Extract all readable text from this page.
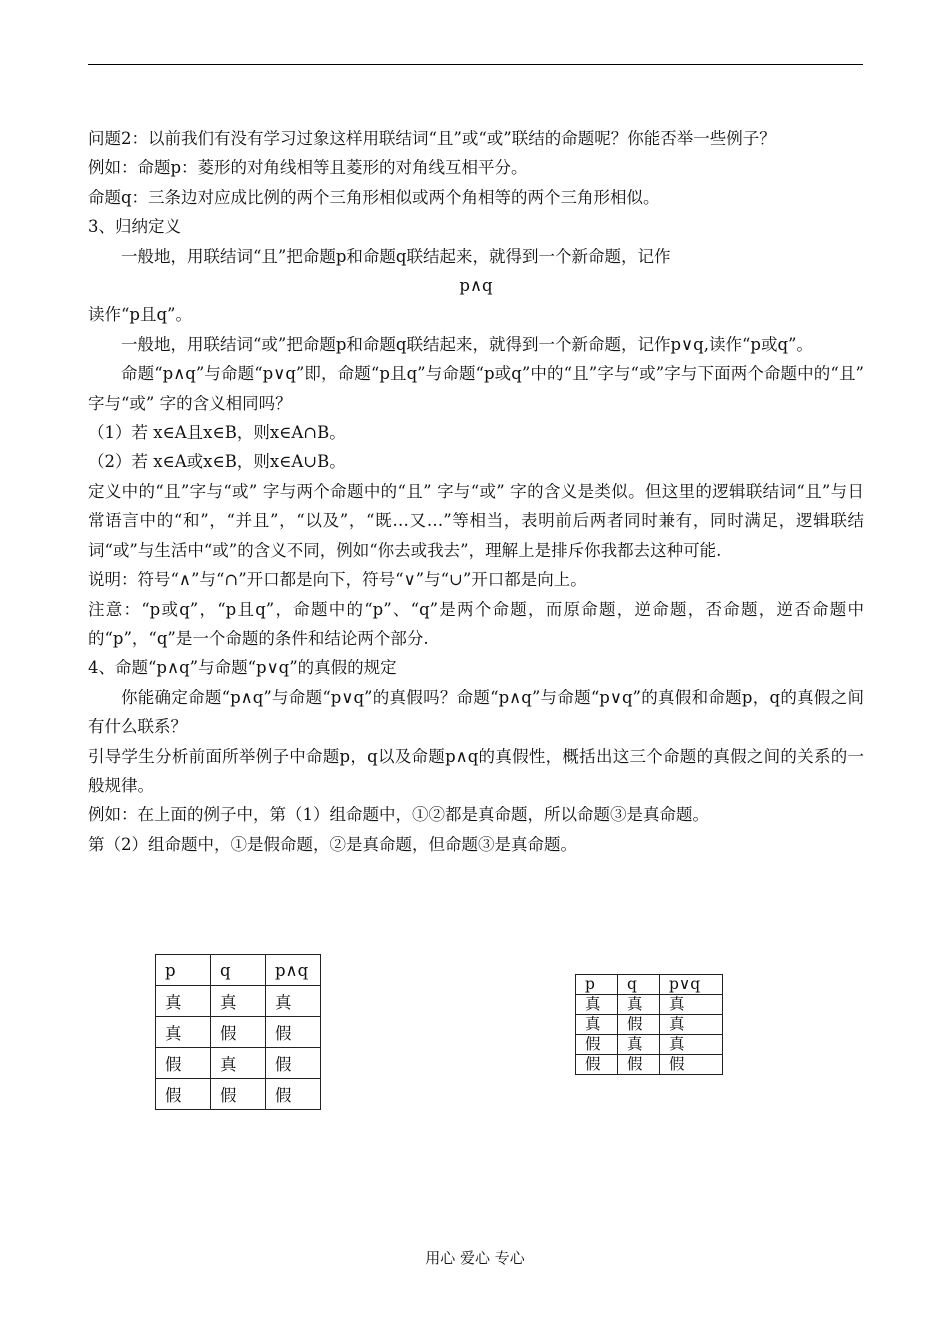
问题2：以前我们有没有学习过象这样用联结词“且”或“或”联结的命题呢？你能否举一些例子？

例如：命题p：菱形的对角线相等且菱形的对角线互相平分。

命题q：三条边对应成比例的两个三角形相似或两个角相等的两个三角形相似。

3、归纳定义

一般地，用联结词“且”把命题p和命题q联结起来，就得到一个新命题，记作

p∧q

读作“p且q”。

一般地，用联结词“或”把命题p和命题q联结起来，就得到一个新命题，记作p∨q,读作“p或q”。

命题“p∧q”与命题“p∨q”即，命题“p且q”与命题“p或q”中的“且”字与“或”字与下面两个命题中的“且” 字与“或” 字的含义相同吗？

（1）若 x∈A且x∈B，则x∈A∩B。

（2）若 x∈A或x∈B，则x∈A∪B。

定义中的“且”字与“或” 字与两个命题中的“且” 字与“或” 字的含义是类似。但这里的逻辑联结词“且”与日常语言中的“和”，“并且”，“以及”，“既…又…”等相当，表明前后两者同时兼有，同时满足，逻辑联结词“或”与生活中“或”的含义不同，例如“你去或我去”，理解上是排斥你我都去这种可能.

说明：符号“∧”与“∩”开口都是向下，符号“∨”与“∪”开口都是向上。

注意：“p或q”，“p且q”，命题中的“p”、“q”是两个命题，而原命题，逆命题，否命题，逆否命题中的“p”，“q”是一个命题的条件和结论两个部分.

4、命题“p∧q”与命题“p∨q”的真假的规定

你能确定命题“p∧q”与命题“p∨q”的真假吗？命题“p∧q”与命题“p∨q”的真假和命题p，q的真假之间有什么联系？

引导学生分析前面所举例子中命题p，q以及命题p∧q的真假性，概括出这三个命题的真假之间的关系的一般规律。

例如：在上面的例子中，第（1）组命题中，①②都是真命题，所以命题③是真命题。

第（2）组命题中，①是假命题，②是真命题，但命题③是真命题。

p	q	p∧q
真	真	真
真	假	假
假	真	假
假	假	假
p	q	p∨q
真	真	真
真	假	真
假	真	真
假	假	假
用心 爱心 专心
